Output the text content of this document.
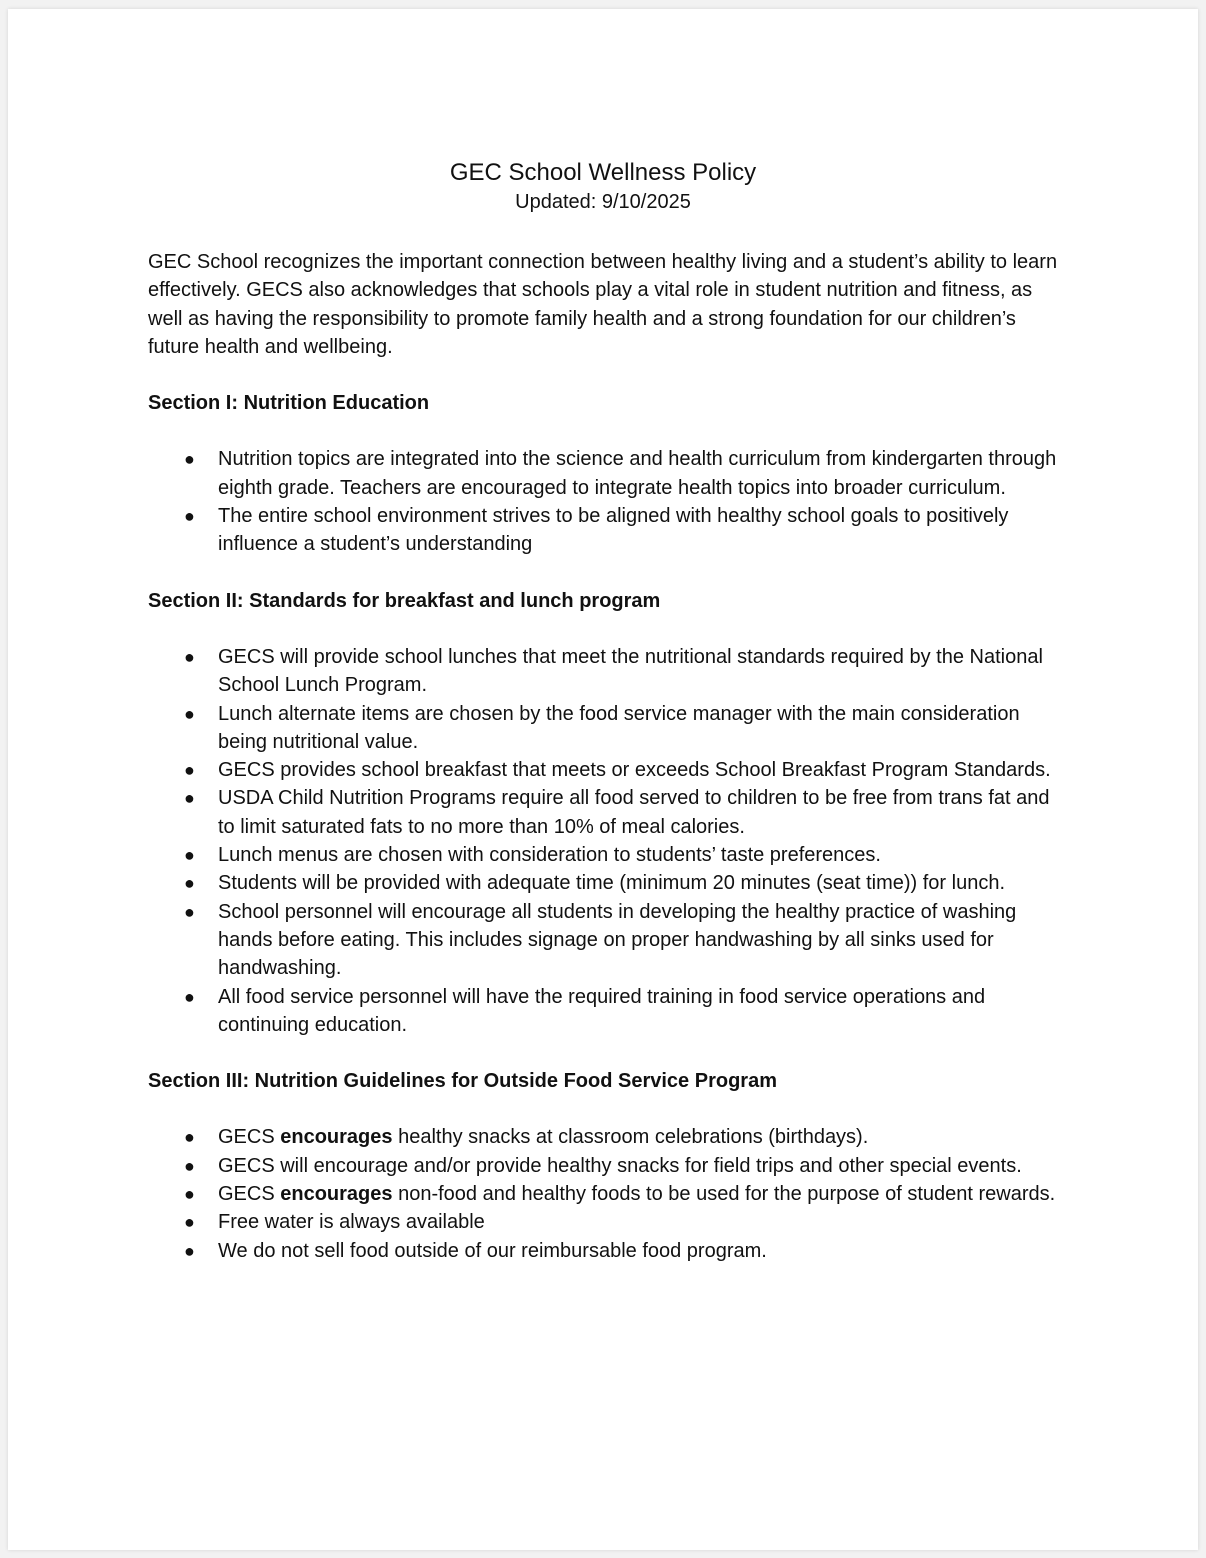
GEC School Wellness Policy

Updated: 9/10/2025

GEC School recognizes the important connection between healthy living and a student’s ability to learn effectively. GECS also acknowledges that schools play a vital role in student nutrition and fitness, as well as having the responsibility to promote family health and a strong foundation for our children’s future health and wellbeing.

Section I: Nutrition Education

● Nutrition topics are integrated into the science and health curriculum from kindergarten through eighth grade. Teachers are encouraged to integrate health topics into broader curriculum.
● The entire school environment strives to be aligned with healthy school goals to positively influence a student’s understanding

Section II: Standards for breakfast and lunch program

● GECS will provide school lunches that meet the nutritional standards required by the National School Lunch Program.
● Lunch alternate items are chosen by the food service manager with the main consideration being nutritional value.
● GECS provides school breakfast that meets or exceeds School Breakfast Program Standards.
● USDA Child Nutrition Programs require all food served to children to be free from trans fat and to limit saturated fats to no more than 10% of meal calories.
● Lunch menus are chosen with consideration to students’ taste preferences.
● Students will be provided with adequate time (minimum 20 minutes (seat time)) for lunch.
● School personnel will encourage all students in developing the healthy practice of washing hands before eating. This includes signage on proper handwashing by all sinks used for handwashing.
● All food service personnel will have the required training in food service operations and continuing education.

Section III: Nutrition Guidelines for Outside Food Service Program

● GECS encourages healthy snacks at classroom celebrations (birthdays).
● GECS will encourage and/or provide healthy snacks for field trips and other special events.
● GECS encourages non-food and healthy foods to be used for the purpose of student rewards.
● Free water is always available
● We do not sell food outside of our reimbursable food program.
